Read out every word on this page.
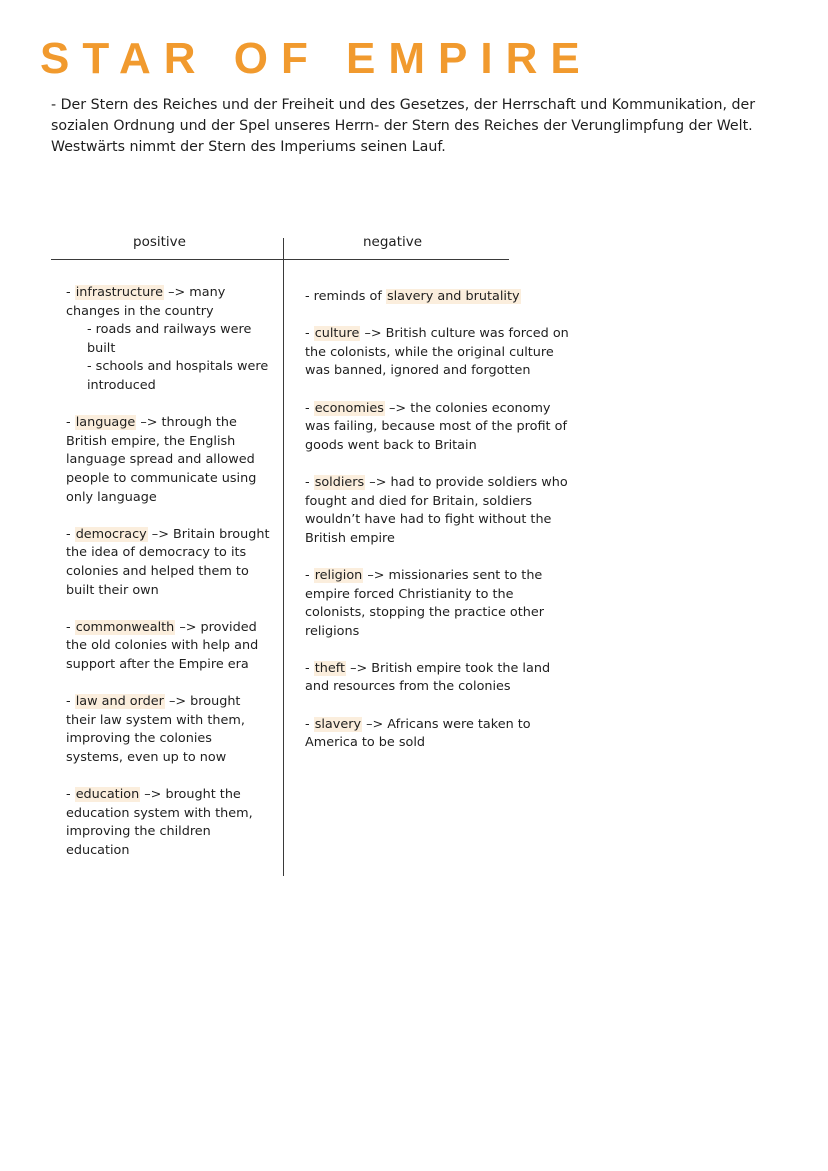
STAR OF EMPIRE

- Der Stern des Reiches und der Freiheit und des Gesetzes, der Herrschaft und Kommunikation, der sozialen Ordnung und der Spel unseres Herrn- der Stern des Reiches der Verunglimpfung der Welt. Westwärts nimmt der Stern des Imperiums seinen Lauf.

positive	negative
- infrastructure –> many changes in the country
- roads and railways were built
- schools and hospitals were introduced
- language –> through the British empire, the English language spread and allowed people to communicate using only language
- democracy –> Britain brought the idea of democracy to its colonies and helped them to built their own
- commonwealth –> provided the old colonies with help and support after the Empire era
- law and order –> brought their law system with them, improving the colonies systems, even up to now
- education –> brought the education system with them, improving the children education
- reminds of slavery and brutality
- culture –> British culture was forced on the colonists, while the original culture was banned, ignored and forgotten
- economies –> the colonies economy was failing, because most of the profit of goods went back to Britain
- soldiers –> had to provide soldiers who fought and died for Britain, soldiers wouldn’t have had to fight without the British empire
- religion –> missionaries sent to the empire forced Christianity to the colonists, stopping the practice other religions
- theft –> British empire took the land and resources from the colonies
- slavery –> Africans were taken to America to be sold
